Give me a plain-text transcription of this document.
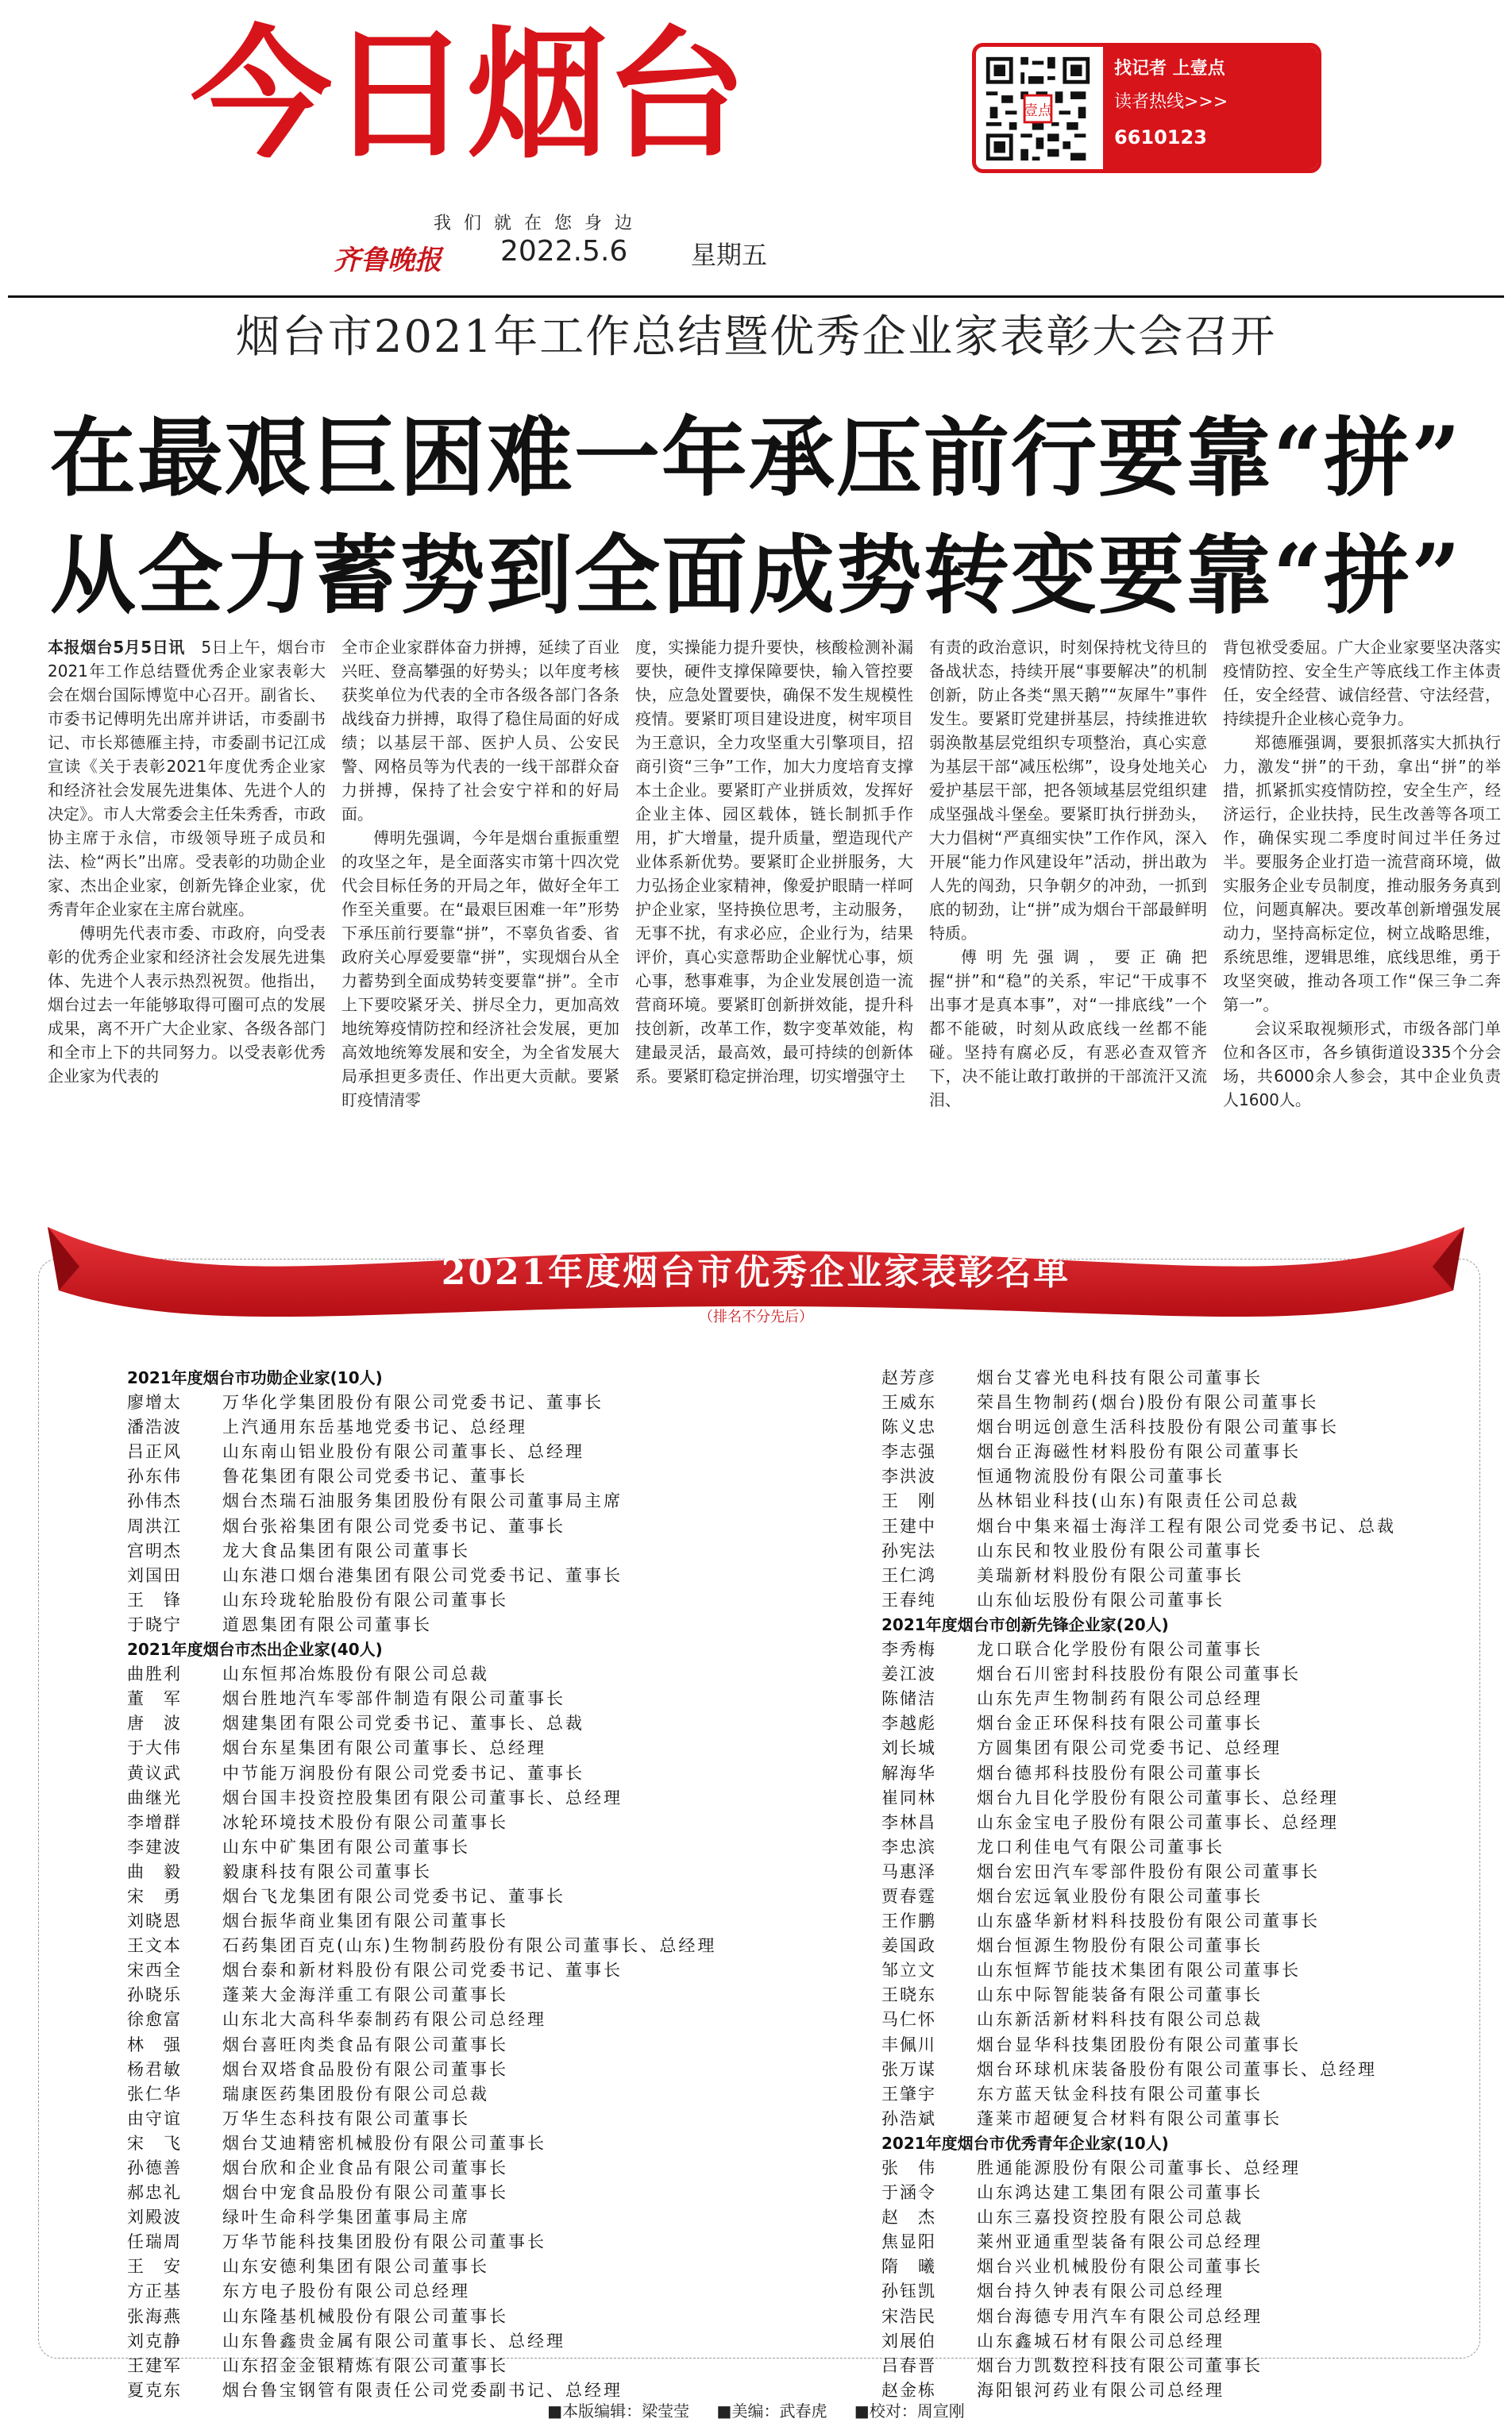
今日烟台
我们就在您身边
齐鲁晚报 2022.5.6 星期五
壹点
找记者 上壹点
读者热线>>>
6610123
烟台市2021年工作总结暨优秀企业家表彰大会召开
在最艰巨困难一年承压前行要靠“拼”
从全力蓄势到全面成势转变要靠“拼”

本报烟台5月5日讯　 5日上午，烟台市2021年工作总结暨优秀企业家表彰大会在烟台国际博览中心召开。副省长、市委书记傅明先出席并讲话，市委副书记、市长郑德雁主持，市委副书记江成宣读《关于表彰2021年度优秀企业家和经济社会发展先进集体、先进个人的决定》。市人大常委会主任朱秀香，市政协主席于永信，市级领导班子成员和法、检“两长”出席。受表彰的功勋企业家、杰出企业家，创新先锋企业家，优秀青年企业家在主席台就座。

傅明先代表市委、市政府，向受表彰的优秀企业家和经济社会发展先进集体、先进个人表示热烈祝贺。他指出，烟台过去一年能够取得可圈可点的发展成果，离不开广大企业家、各级各部门和全市上下的共同努力。以受表彰优秀企业家为代表的

全市企业家群体奋力拼搏，延续了百业兴旺、登高攀强的好势头；以年度考核获奖单位为代表的全市各级各部门各条战线奋力拼搏，取得了稳住局面的好成绩；以基层干部、医护人员、公安民警、网格员等为代表的一线干部群众奋力拼搏，保持了社会安宁祥和的好局面。

傅明先强调，今年是烟台重振重塑的攻坚之年，是全面落实市第十四次党代会目标任务的开局之年，做好全年工作至关重要。在“最艰巨困难一年”形势下承压前行要靠“拼”，不辜负省委、省政府关心厚爱要靠“拼”，实现烟台从全力蓄势到全面成势转变要靠“拼”。全市上下要咬紧牙关、拼尽全力，更加高效地统筹疫情防控和经济社会发展，更加高效地统筹发展和安全，为全省发展大局承担更多责任、作出更大贡献。要紧盯疫情清零

度，实操能力提升要快，核酸检测补漏要快，硬件支撑保障要快，输入管控要快，应急处置要快，确保不发生规模性疫情。要紧盯项目建设进度，树牢项目为王意识，全力攻坚重大引擎项目，招商引资“三争”工作，加大力度培育支撑本土企业。要紧盯产业拼质效，发挥好企业主体、园区载体，链长制抓手作用，扩大增量，提升质量，塑造现代产业体系新优势。要紧盯企业拼服务，大力弘扬企业家精神，像爱护眼睛一样呵护企业家，坚持换位思考，主动服务，无事不扰，有求必应，企业行为，结果评价，真心实意帮助企业解忧心事，烦心事，愁事难事，为企业发展创造一流营商环境。要紧盯创新拼效能，提升科技创新，改革工作，数字变革效能，构建最灵活，最高效，最可持续的创新体系。要紧盯稳定拼治理，切实增强守土

有责的政治意识，时刻保持枕戈待旦的备战状态，持续开展“事要解决”的机制创新，防止各类“黑天鹅”“灰犀牛”事件发生。要紧盯党建拼基层，持续推进软弱涣散基层党组织专项整治，真心实意为基层干部“减压松绑”，设身处地关心爱护基层干部，把各领域基层党组织建成坚强战斗堡垒。要紧盯执行拼劲头，大力倡树“严真细实快”工作作风，深入开展“能力作风建设年”活动，拼出敢为人先的闯劲，只争朝夕的冲劲，一抓到底的韧劲，让“拼”成为烟台干部最鲜明特质。

傅明先强调，要正确把握“拼”和“稳”的关系，牢记“干成事不出事才是真本事”，对“一排底线”一个都不能破，时刻从政底线一丝都不能碰。坚持有腐必反，有恶必查双管齐下，决不能让敢打敢拼的干部流汗又流泪、

背包袱受委屈。广大企业家要坚决落实疫情防控、安全生产等底线工作主体责任，安全经营、诚信经营、守法经营，持续提升企业核心竞争力。

郑德雁强调，要狠抓落实大抓执行力，激发“拼”的干劲，拿出“拼”的举措，抓紧抓实疫情防控，安全生产，经济运行，企业扶持，民生改善等各项工作，确保实现二季度时间过半任务过半。要服务企业打造一流营商环境，做实服务企业专员制度，推动服务务真到位，问题真解决。要改革创新增强发展动力，坚持高标定位，树立战略思维，系统思维，逻辑思维，底线思维，勇于攻坚突破，推动各项工作“保三争二奔第一”。

会议采取视频形式，市级各部门单位和各区市，各乡镇街道设335个分会场，共6000余人参会，其中企业负责人1600人。

2021年度烟台市优秀企业家表彰名单
（排名不分先后）
2021年度烟台市功勋企业家(10人)
廖增太 万华化学集团股份有限公司党委书记、董事长
潘浩波 上汽通用东岳基地党委书记、总经理
吕正风 山东南山铝业股份有限公司董事长、总经理
孙东伟 鲁花集团有限公司党委书记、董事长
孙伟杰 烟台杰瑞石油服务集团股份有限公司董事局主席
周洪江 烟台张裕集团有限公司党委书记、董事长
宫明杰 龙大食品集团有限公司董事长
刘国田 山东港口烟台港集团有限公司党委书记、董事长
王　锋 山东玲珑轮胎股份有限公司董事长
于晓宁 道恩集团有限公司董事长
2021年度烟台市杰出企业家(40人)
曲胜利 山东恒邦冶炼股份有限公司总裁
董　军 烟台胜地汽车零部件制造有限公司董事长
唐　波 烟建集团有限公司党委书记、董事长、总裁
于大伟 烟台东星集团有限公司董事长、总经理
黄议武 中节能万润股份有限公司党委书记、董事长
曲继光 烟台国丰投资控股集团有限公司董事长、总经理
李增群 冰轮环境技术股份有限公司董事长
李建波 山东中矿集团有限公司董事长
曲　毅 毅康科技有限公司董事长
宋　勇 烟台飞龙集团有限公司党委书记、董事长
刘晓恩 烟台振华商业集团有限公司董事长
王文本 石药集团百克(山东)生物制药股份有限公司董事长、总经理
宋西全 烟台泰和新材料股份有限公司党委书记、董事长
孙晓乐 蓬莱大金海洋重工有限公司董事长
徐愈富 山东北大高科华泰制药有限公司总经理
林　强 烟台喜旺肉类食品有限公司董事长
杨君敏 烟台双塔食品股份有限公司董事长
张仁华 瑞康医药集团股份有限公司总裁
由守谊 万华生态科技有限公司董事长
宋　飞 烟台艾迪精密机械股份有限公司董事长
孙德善 烟台欣和企业食品有限公司董事长
郝忠礼 烟台中宠食品股份有限公司董事长
刘殿波 绿叶生命科学集团董事局主席
任瑞周 万华节能科技集团股份有限公司董事长
王　安 山东安德利集团有限公司董事长
方正基 东方电子股份有限公司总经理
张海燕 山东隆基机械股份有限公司董事长
刘克静 山东鲁鑫贵金属有限公司董事长、总经理
王建军 山东招金金银精炼有限公司董事长
夏克东 烟台鲁宝钢管有限责任公司党委副书记、总经理
赵芳彦 烟台艾睿光电科技有限公司董事长
王威东 荣昌生物制药(烟台)股份有限公司董事长
陈义忠 烟台明远创意生活科技股份有限公司董事长
李志强 烟台正海磁性材料股份有限公司董事长
李洪波 恒通物流股份有限公司董事长
王　刚 丛林铝业科技(山东)有限责任公司总裁
王建中 烟台中集来福士海洋工程有限公司党委书记、总裁
孙宪法 山东民和牧业股份有限公司董事长
王仁鸿 美瑞新材料股份有限公司董事长
王春纯 山东仙坛股份有限公司董事长
2021年度烟台市创新先锋企业家(20人)
李秀梅 龙口联合化学股份有限公司董事长
姜江波 烟台石川密封科技股份有限公司董事长
陈储洁 山东先声生物制药有限公司总经理
李越彪 烟台金正环保科技有限公司董事长
刘长城 方圆集团有限公司党委书记、总经理
解海华 烟台德邦科技股份有限公司董事长
崔同林 烟台九目化学股份有限公司董事长、总经理
李林昌 山东金宝电子股份有限公司董事长、总经理
李忠滨 龙口利佳电气有限公司董事长
马惠泽 烟台宏田汽车零部件股份有限公司董事长
贾春霆 烟台宏远氧业股份有限公司董事长
王作鹏 山东盛华新材料科技股份有限公司董事长
姜国政 烟台恒源生物股份有限公司董事长
邹立文 山东恒辉节能技术集团有限公司董事长
王晓东 山东中际智能装备有限公司董事长
马仁怀 山东新活新材料科技有限公司总裁
丰佩川 烟台显华科技集团股份有限公司董事长
张万谋 烟台环球机床装备股份有限公司董事长、总经理
王肇宇 东方蓝天钛金科技有限公司董事长
孙浩斌 蓬莱市超硬复合材料有限公司董事长
2021年度烟台市优秀青年企业家(10人)
张　伟 胜通能源股份有限公司董事长、总经理
于涵令 山东鸿达建工集团有限公司董事长
赵　杰 山东三嘉投资控股有限公司总裁
焦显阳 莱州亚通重型装备有限公司总经理
隋　曦 烟台兴业机械股份有限公司董事长
孙钰凯 烟台持久钟表有限公司总经理
宋浩民 烟台海德专用汽车有限公司总经理
刘展伯 山东鑫城石材有限公司总经理
吕春晋 烟台力凯数控科技有限公司董事长
赵金栋 海阳银河药业有限公司总经理
■本版编辑：梁莹莹 ■美编：武春虎 ■校对：周宣刚
